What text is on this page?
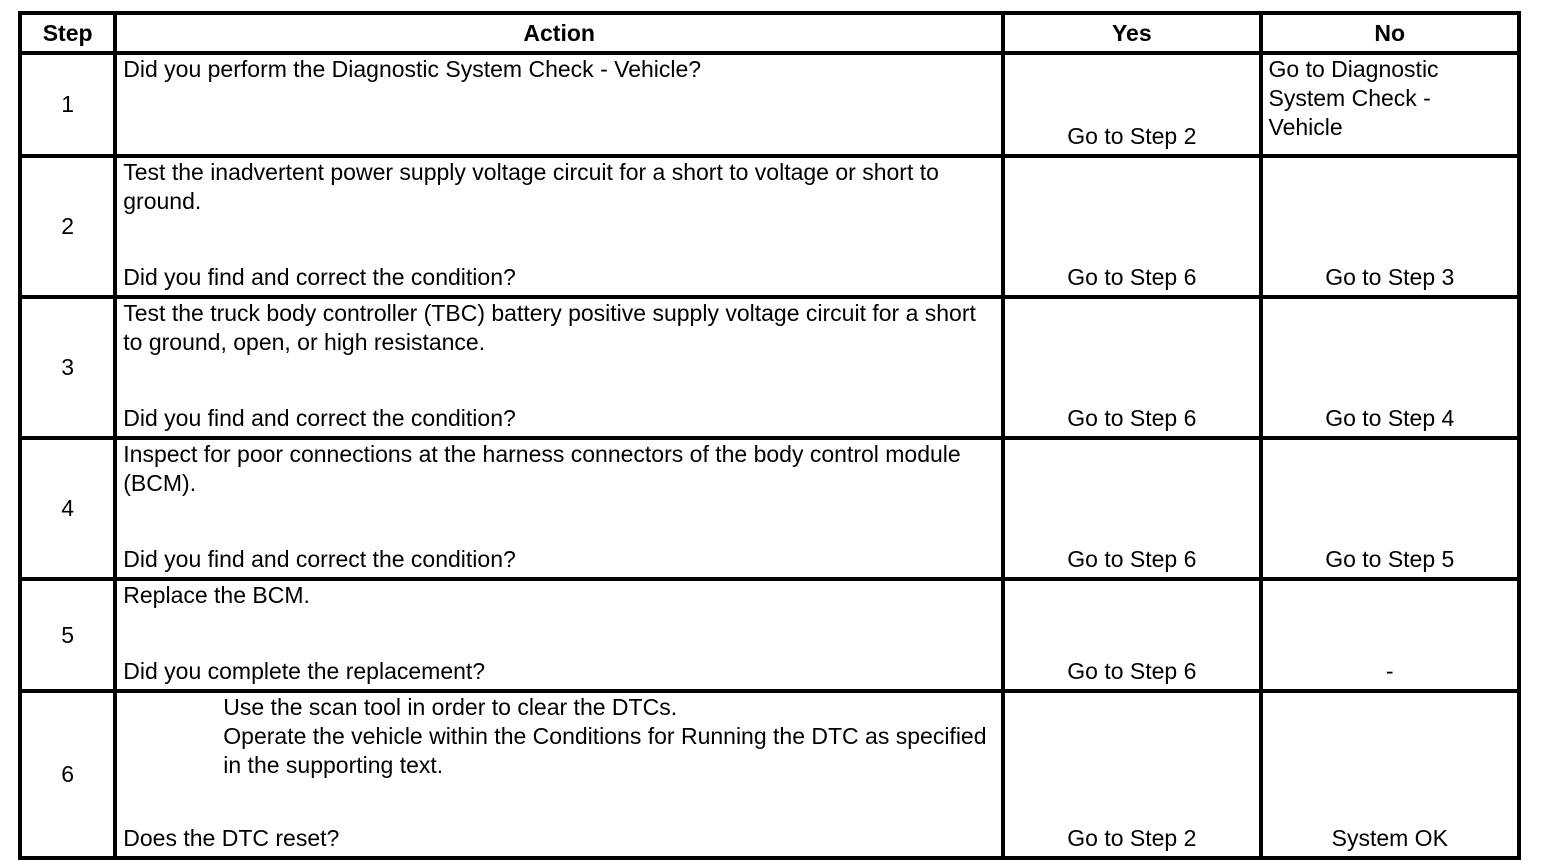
Step	Action	Yes	No
1	Did you perform the Diagnostic System Check - Vehicle?	Go to Step 2	Go to Diagnostic System Check - Vehicle
2	Test the inadvertent power supply voltage circuit for a short to voltage or short to ground.
Did you find and correct the condition?	Go to Step 6	Go to Step 3
3	Test the truck body controller (TBC) battery positive supply voltage circuit for a short to ground, open, or high resistance.
Did you find and correct the condition?	Go to Step 6	Go to Step 4
4	Inspect for poor connections at the harness connectors of the body control module (BCM).
Did you find and correct the condition?	Go to Step 6	Go to Step 5
5	Replace the BCM.
Did you complete the replacement?	Go to Step 6	-
6	Use the scan tool in order to clear the DTCs.
Operate the vehicle within the Conditions for Running the DTC as specified in the supporting text.
Does the DTC reset?	Go to Step 2	System OK
